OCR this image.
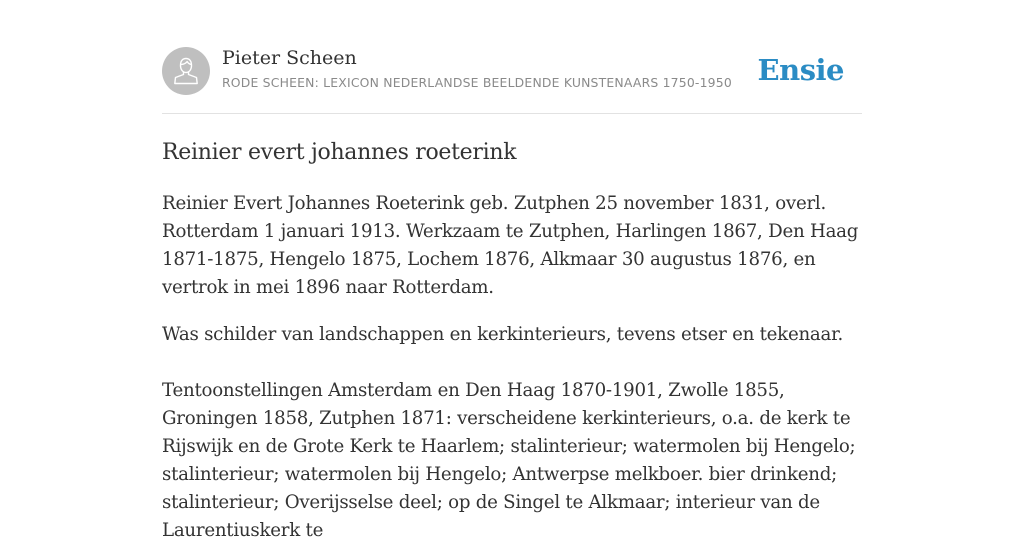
Pieter Scheen
RODE SCHEEN: LEXICON NEDERLANDSE BEELDENDE KUNSTENAARS 1750-1950 Ensie
Reinier evert johannes roeterink

Reinier Evert Johannes Roeterink geb. Zutphen 25 november 1831, overl. Rotterdam 1 januari 1913. Werkzaam te Zutphen, Harlingen 1867, Den Haag 1871-1875, Hengelo 1875, Lochem 1876, Alkmaar 30 augustus 1876, en vertrok in mei 1896 naar Rotterdam.

Was schilder van landschappen en kerkinterieurs, tevens etser en tekenaar.

Tentoonstellingen Amsterdam en Den Haag 1870-1901, Zwolle 1855, Groningen 1858, Zutphen 1871: verscheidene kerkinterieurs, o.a. de kerk te Rijswijk en de Grote Kerk te Haarlem; stalinterieur; watermolen bij Hengelo; stalinterieur; watermolen bij Hengelo; Antwerpse melkboer. bier drinkend; stalinterieur; Overijsselse deel; op de Singel te Alkmaar; interieur van de Laurentiuskerk te
